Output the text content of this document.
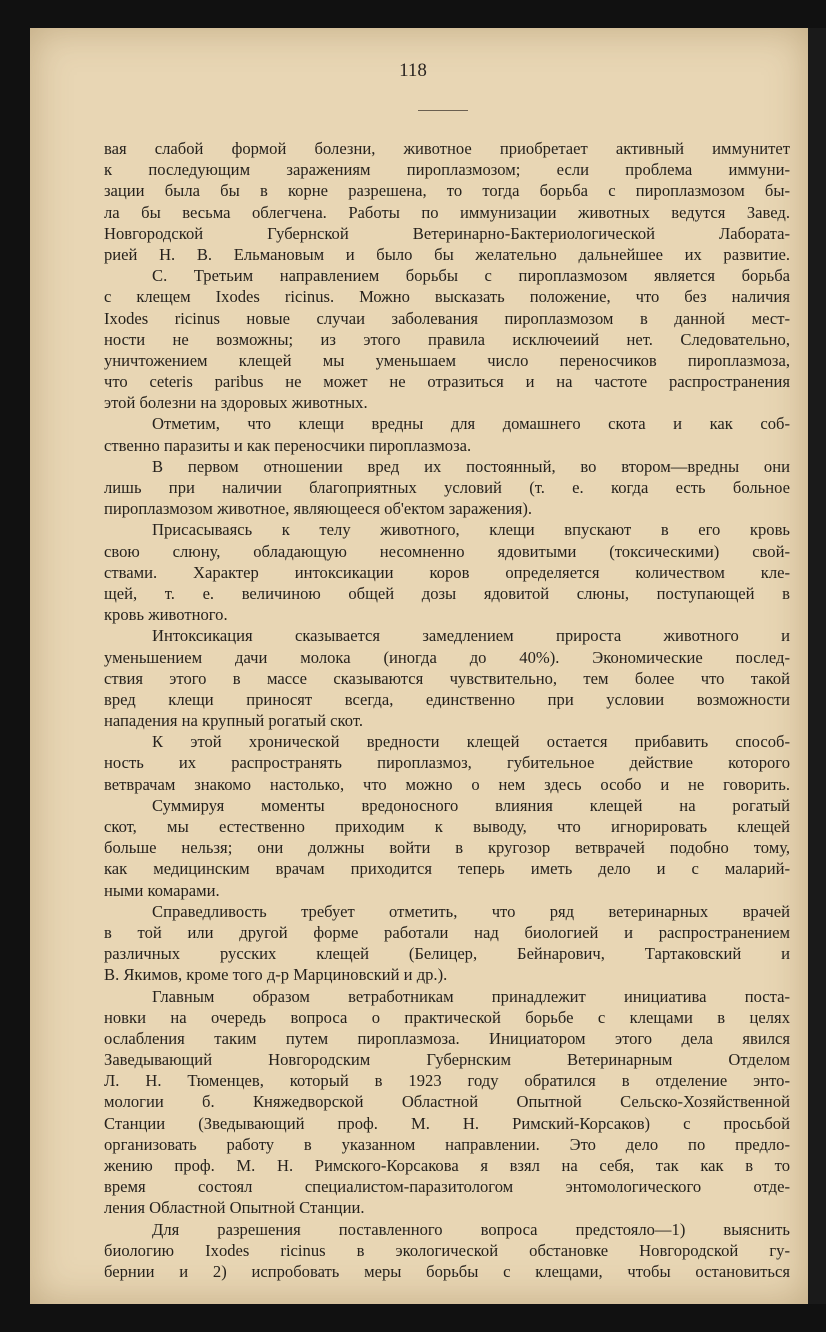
118
вая слабой формой болезни, животное приобретает активный иммунитет
к последующим заражениям пироплазмозом; если проблема иммуни-
зации была бы в корне разрешена, то тогда борьба с пироплазмозом бы-
ла бы весьма облегчена. Работы по иммунизации животных ведутся Завед.
Новгородской Губернской Ветеринарно-Бактериологической Лабората-
рией Н. В. Ельмановым и было бы желательно дальнейшее их развитие.
С. Третьим направлением борьбы с пироплазмозом является борьба
с клещем Ixodes ricinus. Можно высказать положение, что без наличия
Ixodes ricinus новые случаи заболевания пироплазмозом в данной мест-
ности не возможны; из этого правила исключеиий нет. Следовательно,
уничтожением клещей мы уменьшаем число переносчиков пироплазмоза,
что ceteris paribus не может не отразиться и на частоте распространения
этой болезни на здоровых животных.
Отметим, что клещи вредны для домашнего скота и как соб-
ственно паразиты и как переносчики пироплазмоза.
В первом отношении вред их постоянный, во втором—вредны они
лишь при наличии благоприятных условий (т. е. когда есть больное
пироплазмозом животное, являющееся об'ектом заражения).
Присасываясь к телу животного, клещи впускают в его кровь
свою слюну, обладающую несомненно ядовитыми (токсическими) свой-
ствами. Характер интоксикации коров определяется количеством кле-
щей, т. е. величиною общей дозы ядовитой слюны, поступающей в
кровь животного.
Интоксикация сказывается замедлением прироста животного и
уменьшением дачи молока (иногда до 40%). Экономические послед-
ствия этого в массе сказываются чувствительно, тем более что такой
вред клещи приносят всегда, единственно при условии возможности
нападения на крупный рогатый скот.
К этой хронической вредности клещей остается прибавить способ-
ность их распространять пироплазмоз, губительное действие которого
ветврачам знакомо настолько, что можно о нем здесь особо и не говорить.
Суммируя моменты вредоносного влияния клещей на рогатый
скот, мы естественно приходим к выводу, что игнорировать клещей
больше нельзя; они должны войти в кругозор ветврачей подобно тому,
как медицинским врачам приходится теперь иметь дело и с маларий-
ными комарами.
Справедливость требует отметить, что ряд ветеринарных врачей
в той или другой форме работали над биологией и распространением
различных русских клещей (Белицер, Бейнарович, Тартаковский и
В. Якимов, кроме того д-р Марциновский и др.).
Главным образом ветработникам принадлежит инициатива поста-
новки на очередь вопроса о практической борьбе с клещами в целях
ослабления таким путем пироплазмоза. Инициатором этого дела явился
Заведывающий Новгородским Губернским Ветеринарным Отделом
Л. Н. Тюменцев, который в 1923 году обратился в отделение энто-
мологии б. Княжедворской Областной Опытной Сельско-Хозяйственной
Станции (Зведывающий проф. М. Н. Римский-Корсаков) с просьбой
организовать работу в указанном направлении. Это дело по предло-
жению проф. М. Н. Римского-Корсакова я взял на себя, так как в то
время состоял специалистом-паразитологом энтомологического отде-
ления Областной Опытной Станции.
Для разрешения поставленного вопроса предстояло—1) выяснить
биологию Ixodes ricinus в экологической обстановке Новгородской гу-
бернии и 2) испробовать меры борьбы с клещами, чтобы остановиться
